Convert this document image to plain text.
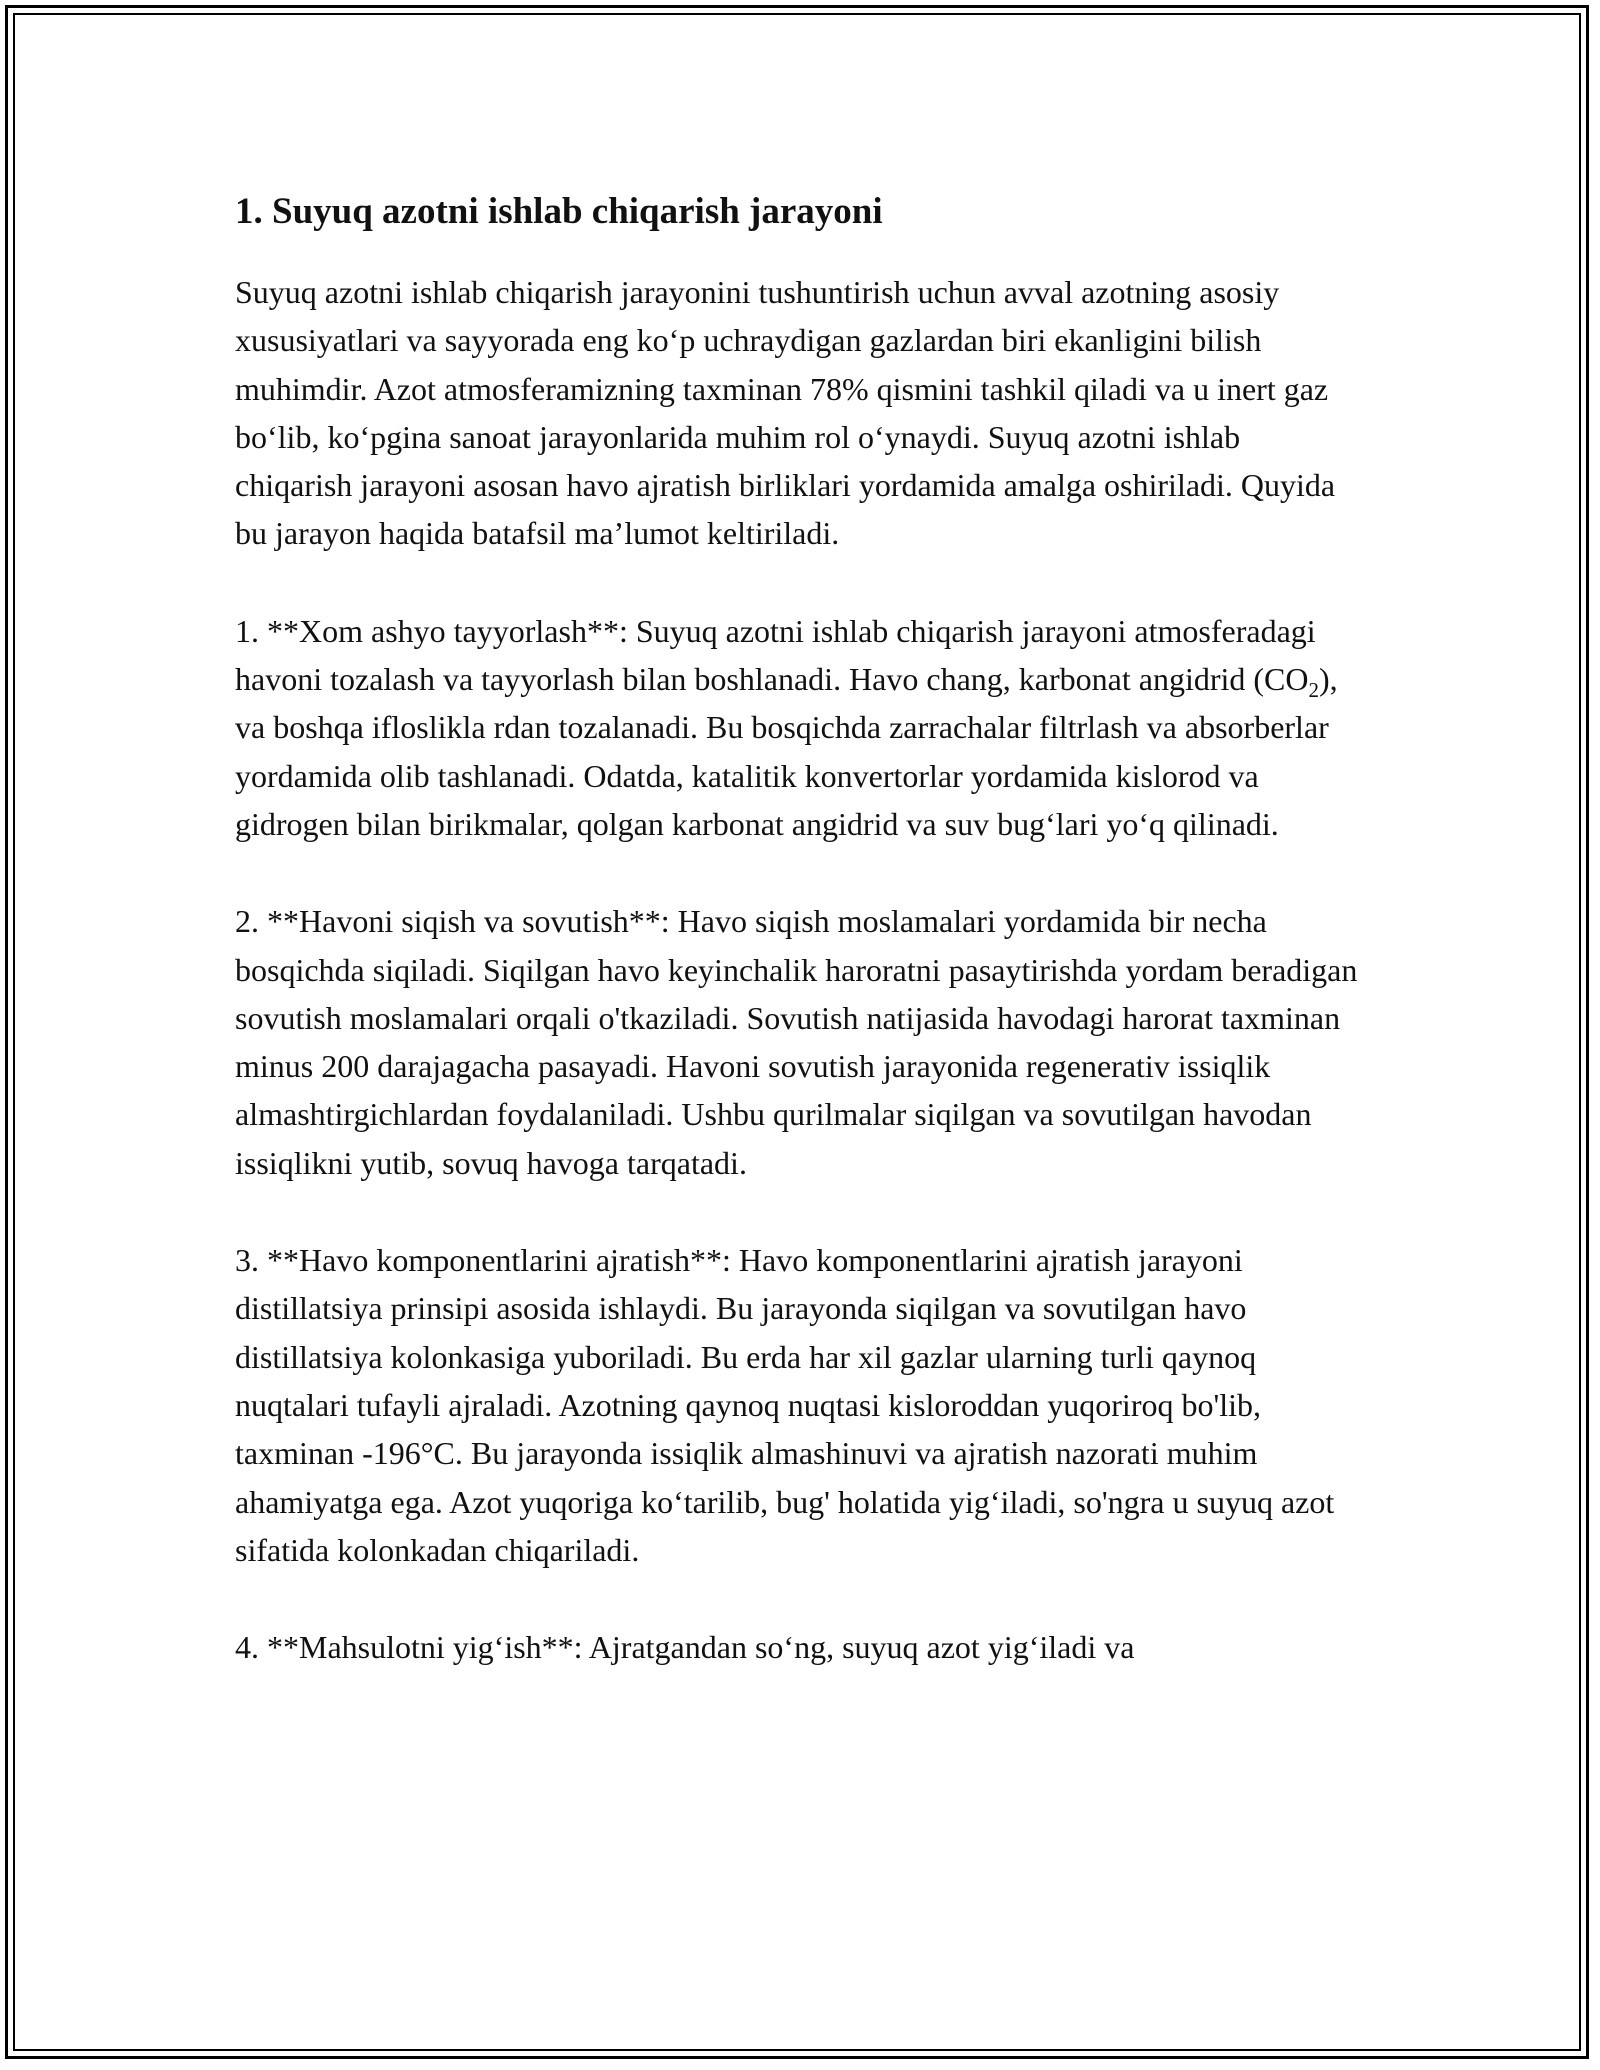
1. Suyuq azotni ishlab chiqarish jarayoni

Suyuq azotni ishlab chiqarish jarayonini tushuntirish uchun avval azotning asosiy xususiyatlari va sayyorada eng ko‘p uchraydigan gazlardan biri ekanligini bilish muhimdir. Azot atmosferamizning taxminan 78% qismini tashkil qiladi va u inert gaz bo‘lib, ko‘pgina sanoat jarayonlarida muhim rol o‘ynaydi. Suyuq azotni ishlab chiqarish jarayoni asosan havo ajratish birliklari yordamida amalga oshiriladi. Quyida bu jarayon haqida batafsil ma’lumot keltiriladi.

1. **Xom ashyo tayyorlash**: Suyuq azotni ishlab chiqarish jarayoni atmosferadagi havoni tozalash va tayyorlash bilan boshlanadi. Havo chang, karbonat angidrid $(CO_2)$, va boshqa ifloslikla rdan tozalanadi. Bu bosqichda zarrachalar filtrlash va absorberlar yordamida olib tashlanadi. Odatda, katalitik konvertorlar yordamida kislorod va gidrogen bilan birikmalar, qolgan karbonat angidrid va suv bug‘lari yo‘q qilinadi.

2. **Havoni siqish va sovutish**: Havo siqish moslamalari yordamida bir necha bosqichda siqiladi. Siqilgan havo keyinchalik haroratni pasaytirishda yordam beradigan sovutish moslamalari orqali o'tkaziladi. Sovutish natijasida havodagi harorat taxminan minus 200 darajagacha pasayadi. Havoni sovutish jarayonida regenerativ issiqlik almashtirgichlardan foydalaniladi. Ushbu qurilmalar siqilgan va sovutilgan havodan issiqlikni yutib, sovuq havoga tarqatadi.

3. **Havo komponentlarini ajratish**: Havo komponentlarini ajratish jarayoni distillatsiya prinsipi asosida ishlaydi. Bu jarayonda siqilgan va sovutilgan havo distillatsiya kolonkasiga yuboriladi. Bu erda har xil gazlar ularning turli qaynoq nuqtalari tufayli ajraladi. Azotning qaynoq nuqtasi kisloroddan yuqoriroq bo'lib, taxminan -196°C. Bu jarayonda issiqlik almashinuvi va ajratish nazorati muhim ahamiyatga ega. Azot yuqoriga ko‘tarilib, bug' holatida yig‘iladi, so'ngra u suyuq azot sifatida kolonkadan chiqariladi.

4. **Mahsulotni yig‘ish**: Ajratgandan so‘ng, suyuq azot yig‘iladi va
